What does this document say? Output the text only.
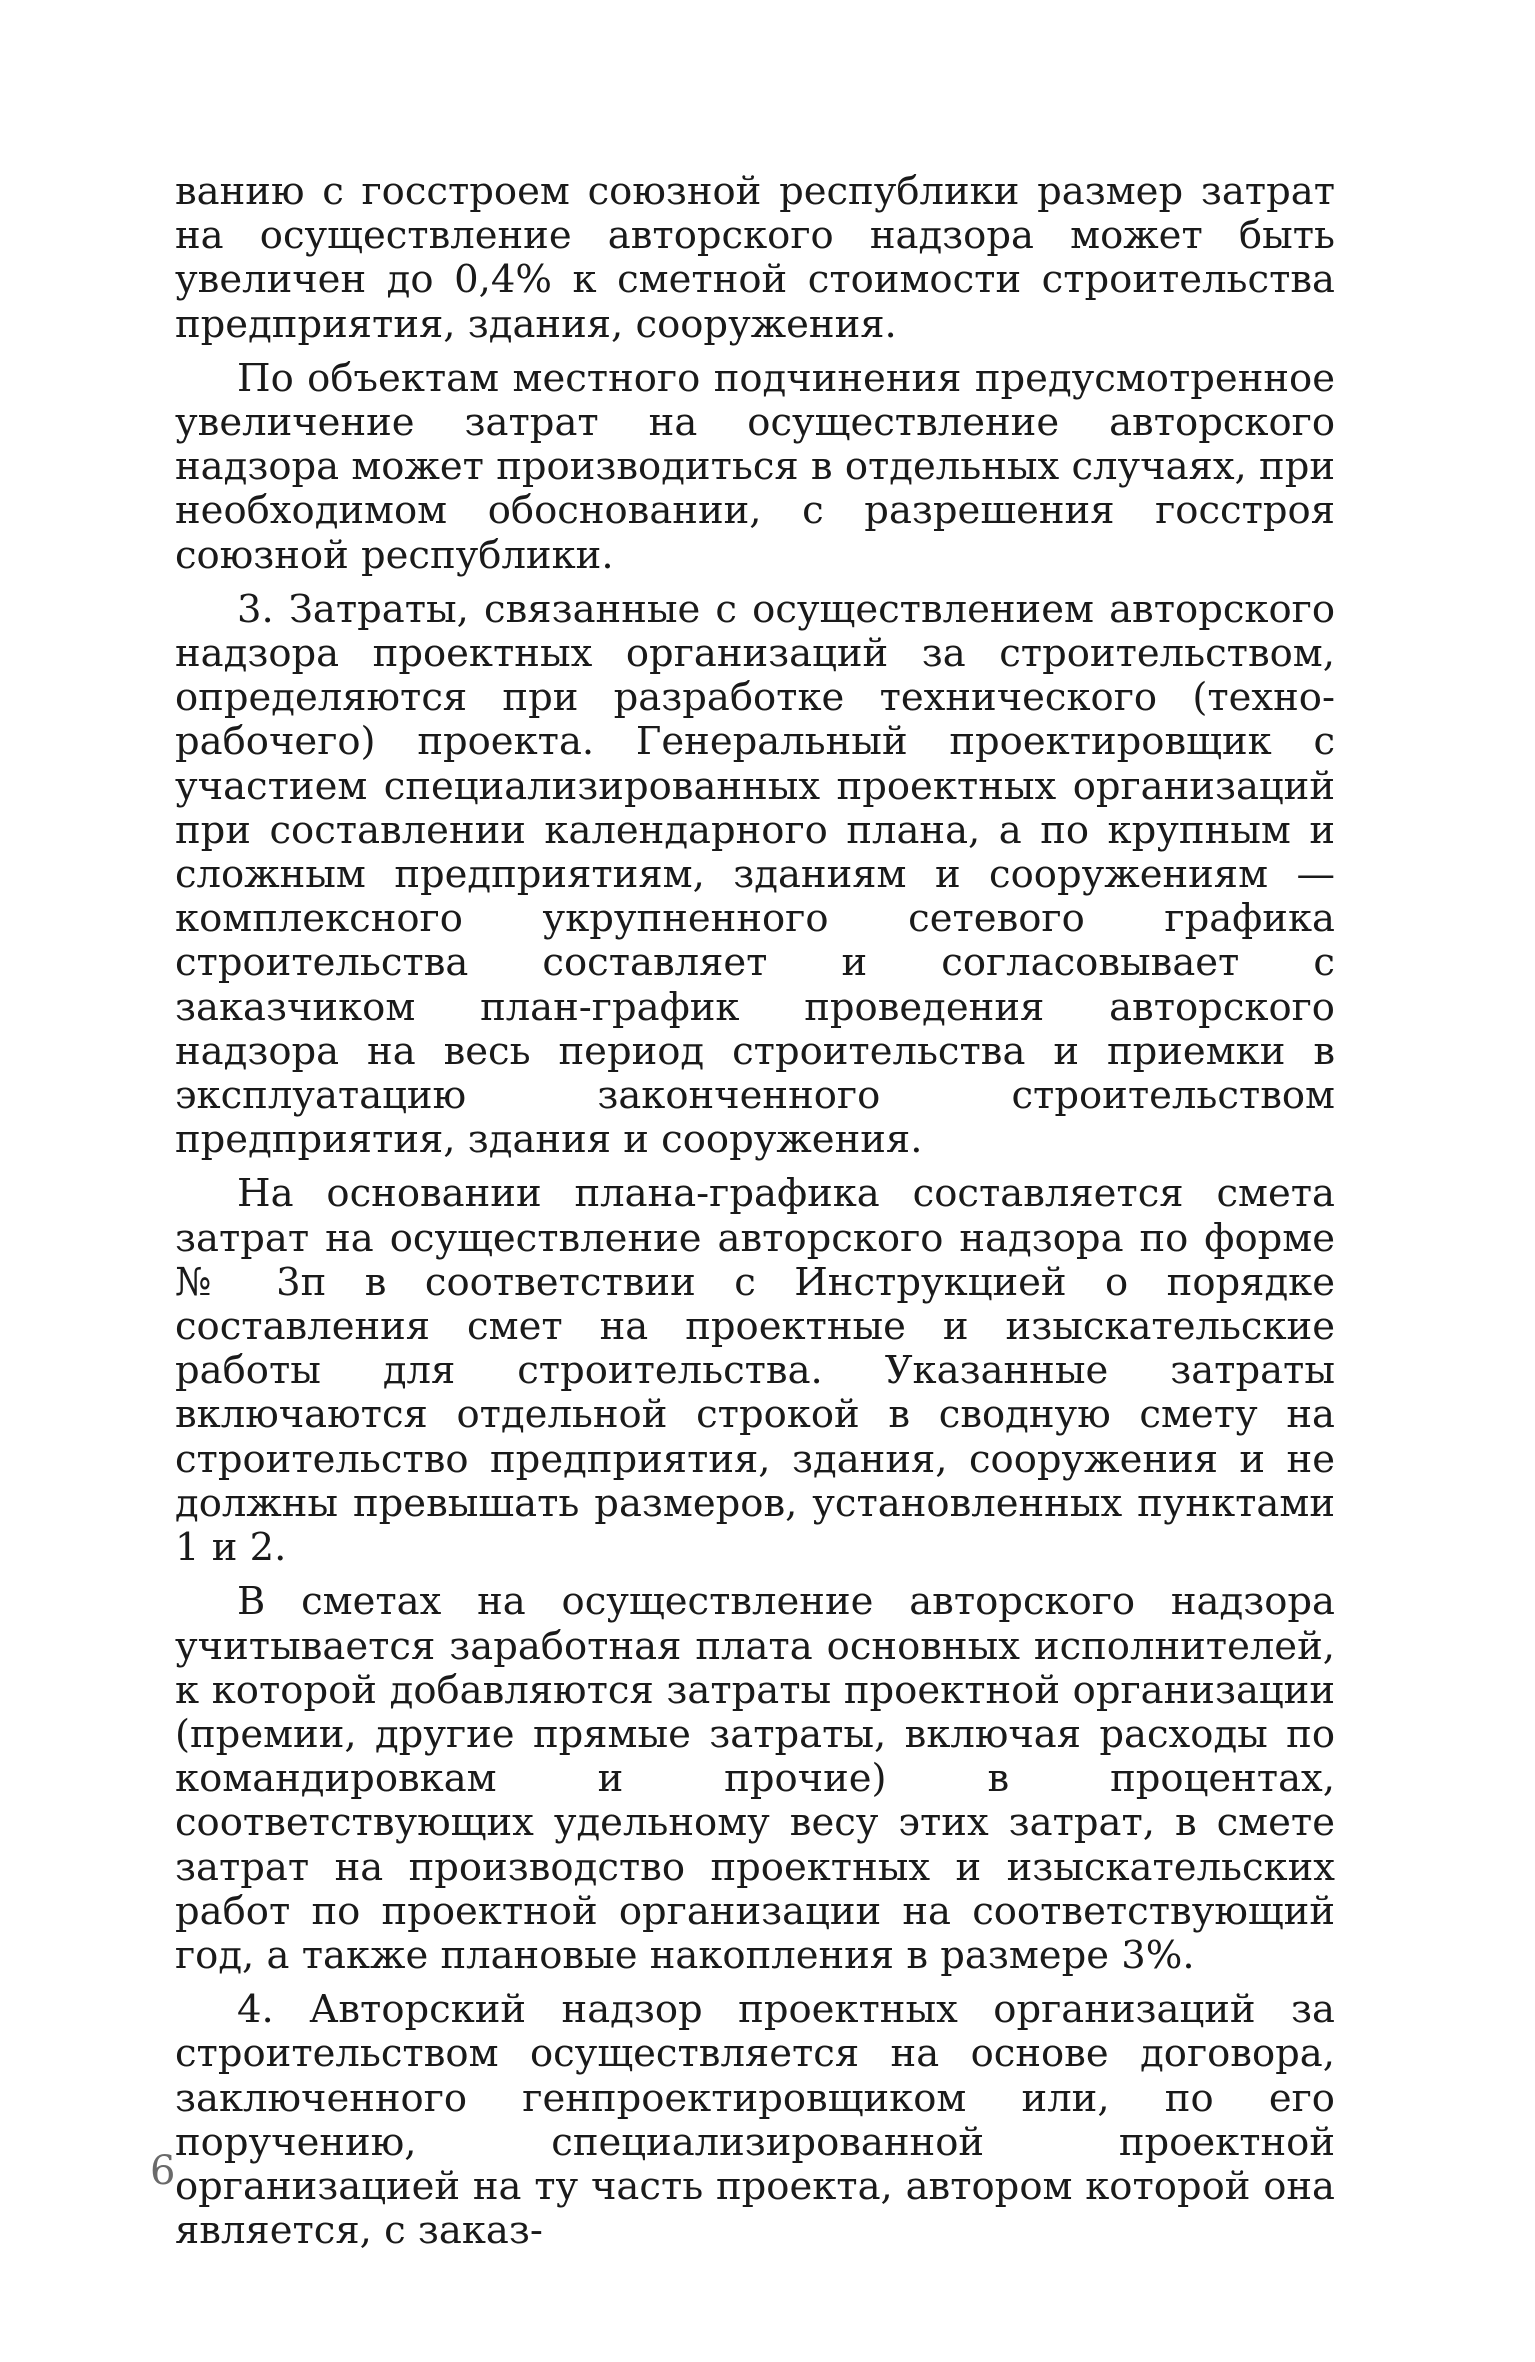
ванию с госстроем союзной республики размер затрат на осуществление авторского надзора может быть увеличен до 0,4% к сметной стоимости строительства предприятия, здания, сооружения.

По объектам местного подчинения предусмотренное увеличение затрат на осуществление авторского надзора может производиться в отдельных случаях, при необходимом обосновании, с разрешения госстроя союзной республики.

3. Затраты, связанные с осуществлением авторского надзора проектных организаций за строительством, определяются при разработке технического (техно-рабочего) проекта. Генеральный проектировщик с участием специализированных проектных организаций при составлении календарного плана, а по крупным и сложным предприятиям, зданиям и сооружениям — комплексного укрупненного сетевого графика строительства составляет и согласовывает с заказчиком план-график проведения авторского надзора на весь период строительства и приемки в эксплуатацию законченного строительством предприятия, здания и сооружения.

На основании плана-графика составляется смета затрат на осуществление авторского надзора по форме № 3п в соответствии с Инструкцией о порядке составления смет на проектные и изыскательские работы для строительства. Указанные затраты включаются отдельной строкой в сводную смету на строительство предприятия, здания, сооружения и не должны превышать размеров, установленных пунктами 1 и 2.

В сметах на осуществление авторского надзора учитывается заработная плата основных исполнителей, к которой добавляются затраты проектной организации (премии, другие прямые затраты, включая расходы по командировкам и прочие) в процентах, соответствующих удельному весу этих затрат, в смете затрат на производство проектных и изыскательских работ по проектной организации на соответствующий год, а также плановые накопления в размере 3%.

4. Авторский надзор проектных организаций за строительством осуществляется на основе договора, заключенного генпроектировщиком или, по его поручению, специализированной проектной организацией на ту часть проекта, автором которой она является, с заказ-

6
